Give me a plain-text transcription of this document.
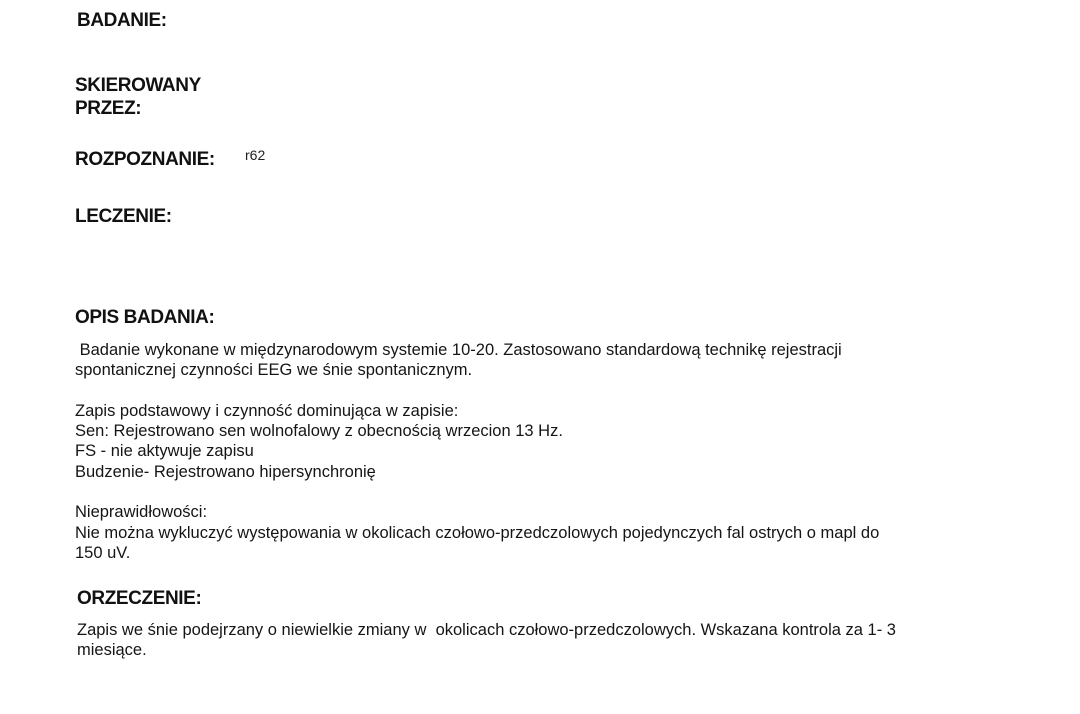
BADANIE:
SKIEROWANY
PRZEZ:
ROZPOZNANIE: r62
LECZENIE:
OPIS BADANIA:
Badanie wykonane w międzynarodowym systemie 10-20. Zastosowano standardową technikę rejestracji
spontanicznej czynności EEG we śnie spontanicznym.
Zapis podstawowy i czynność dominująca w zapisie:
Sen: Rejestrowano sen wolnofalowy z obecnością wrzecion 13 Hz.
FS - nie aktywuje zapisu
Budzenie- Rejestrowano hipersynchronię
Nieprawidłowości:
Nie można wykluczyć występowania w okolicach czołowo-przedczolowych pojedynczych fal ostrych o mapl do
150 uV.
ORZECZENIE:
Zapis we śnie podejrzany o niewielkie zmiany w  okolicach czołowo-przedczolowych. Wskazana kontrola za 1- 3
miesiące.
